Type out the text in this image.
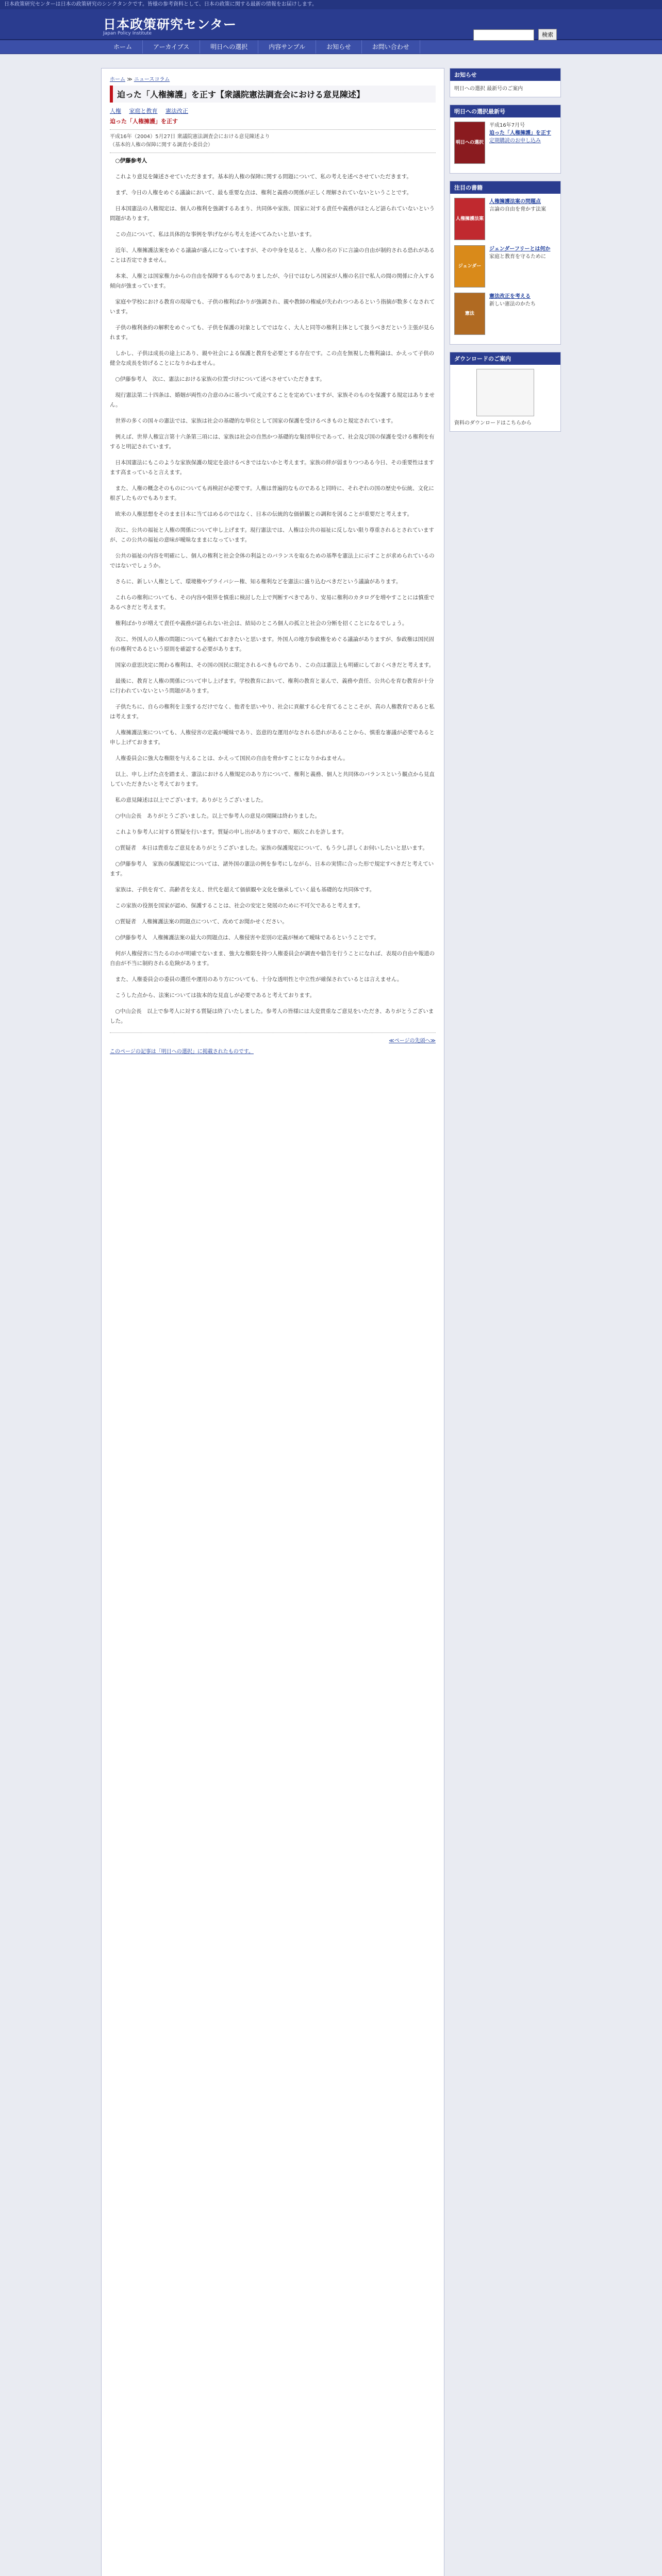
日本政策研究センターは日本の政策研究のシンクタンクです。皆様の参考資料として、日本の政策に関する最新の情報をお届けします。
日本政策研究センター
Japan Policy Institute	検索
ホーム	アーカイブス	明日への選択	内容サンプル	お知らせ	お問い合わせ
ホーム ≫ ニュースコラム
迫った「人権擁護」を正す【衆議院憲法調査会における意見陳述】
人権 家庭と教育 憲法改正
迫った「人権擁護」を正す
平成16年（2004）5月27日 衆議院憲法調査会における意見陳述より
（基本的人権の保障に関する調査小委員会）

○伊藤参考人

これより意見を陳述させていただきます。基本的人権の保障に関する問題について、私の考えを述べさせていただきます。

まず、今日の人権をめぐる議論において、最も重要な点は、権利と義務の関係が正しく理解されていないということです。

日本国憲法の人権規定は、個人の権利を強調するあまり、共同体や家族、国家に対する責任や義務がほとんど語られていないという問題があります。

この点について、私は具体的な事例を挙げながら考えを述べてみたいと思います。

近年、人権擁護法案をめぐる議論が盛んになっていますが、その中身を見ると、人権の名の下に言論の自由が制約される恐れがあることは否定できません。

本来、人権とは国家権力からの自由を保障するものでありましたが、今日ではむしろ国家が人権の名目で私人の間の関係に介入する傾向が強まっています。

家庭や学校における教育の現場でも、子供の権利ばかりが強調され、親や教師の権威が失われつつあるという指摘が数多くなされています。

子供の権利条約の解釈をめぐっても、子供を保護の対象としてではなく、大人と同等の権利主体として扱うべきだという主張が見られます。

しかし、子供は成長の途上にあり、親や社会による保護と教育を必要とする存在です。この点を無視した権利論は、かえって子供の健全な成長を妨げることになりかねません。

○伊藤参考人　次に、憲法における家族の位置づけについて述べさせていただきます。

現行憲法第二十四条は、婚姻が両性の合意のみに基づいて成立することを定めていますが、家族そのものを保護する規定はありません。

世界の多くの国々の憲法では、家族は社会の基礎的な単位として国家の保護を受けるべきものと規定されています。

例えば、世界人権宣言第十六条第三項には、家族は社会の自然かつ基礎的な集団単位であって、社会及び国の保護を受ける権利を有すると明記されています。

日本国憲法にもこのような家族保護の規定を設けるべきではないかと考えます。家族の絆が弱まりつつある今日、その重要性はますます高まっていると言えます。

また、人権の概念そのものについても再検討が必要です。人権は普遍的なものであると同時に、それぞれの国の歴史や伝統、文化に根ざしたものでもあります。

欧米の人権思想をそのまま日本に当てはめるのではなく、日本の伝統的な価値観との調和を図ることが重要だと考えます。

次に、公共の福祉と人権の関係について申し上げます。現行憲法では、人権は公共の福祉に反しない限り尊重されるとされていますが、この公共の福祉の意味が曖昧なままになっています。

公共の福祉の内容を明確にし、個人の権利と社会全体の利益とのバランスを取るための基準を憲法上に示すことが求められているのではないでしょうか。

さらに、新しい人権として、環境権やプライバシー権、知る権利などを憲法に盛り込むべきだという議論があります。

これらの権利についても、その内容や限界を慎重に検討した上で判断すべきであり、安易に権利のカタログを増やすことには慎重であるべきだと考えます。

権利ばかりが増えて責任や義務が語られない社会は、結局のところ個人の孤立と社会の分断を招くことになるでしょう。

次に、外国人の人権の問題についても触れておきたいと思います。外国人の地方参政権をめぐる議論がありますが、参政権は国民固有の権利であるという原則を確認する必要があります。

国家の意思決定に関わる権利は、その国の国民に限定されるべきものであり、この点は憲法上も明確にしておくべきだと考えます。

最後に、教育と人権の関係について申し上げます。学校教育において、権利の教育と並んで、義務や責任、公共心を育む教育が十分に行われていないという問題があります。

子供たちに、自らの権利を主張するだけでなく、他者を思いやり、社会に貢献する心を育てることこそが、真の人権教育であると私は考えます。

人権擁護法案についても、人権侵害の定義が曖昧であり、恣意的な運用がなされる恐れがあることから、慎重な審議が必要であると申し上げておきます。

人権委員会に強大な権限を与えることは、かえって国民の自由を脅かすことになりかねません。

以上、申し上げた点を踏まえ、憲法における人権規定のあり方について、権利と義務、個人と共同体のバランスという観点から見直していただきたいと考えております。

私の意見陳述は以上でございます。ありがとうございました。

○中山会長　ありがとうございました。以上で参考人の意見の開陳は終わりました。

これより参考人に対する質疑を行います。質疑の申し出がありますので、順次これを許します。

○質疑者　本日は貴重なご意見をありがとうございました。家族の保護規定について、もう少し詳しくお伺いしたいと思います。

○伊藤参考人　家族の保護規定については、諸外国の憲法の例を参考にしながら、日本の実情に合った形で規定すべきだと考えています。

家族は、子供を育て、高齢者を支え、世代を超えて価値観や文化を継承していく最も基礎的な共同体です。

この家族の役割を国家が認め、保護することは、社会の安定と発展のために不可欠であると考えます。

○質疑者　人権擁護法案の問題点について、改めてお聞かせください。

○伊藤参考人　人権擁護法案の最大の問題点は、人権侵害や差別の定義が極めて曖昧であるということです。

何が人権侵害に当たるのかが明確でないまま、強大な権限を持つ人権委員会が調査や勧告を行うことになれば、表現の自由や報道の自由が不当に制約される危険があります。

また、人権委員会の委員の選任や運用のあり方についても、十分な透明性と中立性が確保されているとは言えません。

こうした点から、法案については抜本的な見直しが必要であると考えております。

○中山会長　以上で参考人に対する質疑は終了いたしました。参考人の皆様には大変貴重なご意見をいただき、ありがとうございました。

≪ページの先頭へ≫
このページの記事は「明日への選択」に掲載されたものです。
お知らせ
明日への選択 最新号のご案内
明日への選択最新号
明日への選択
平成16年7月号
迫った「人権擁護」を正す
定期購読のお申し込み
注目の書籍
人権擁護法案
人権擁護法案の問題点
言論の自由を脅かす法案
ジェンダー
ジェンダーフリーとは何か
家庭と教育を守るために
憲法
憲法改正を考える
新しい憲法のかたち
ダウンロードのご案内
資料のダウンロードはこちらから
